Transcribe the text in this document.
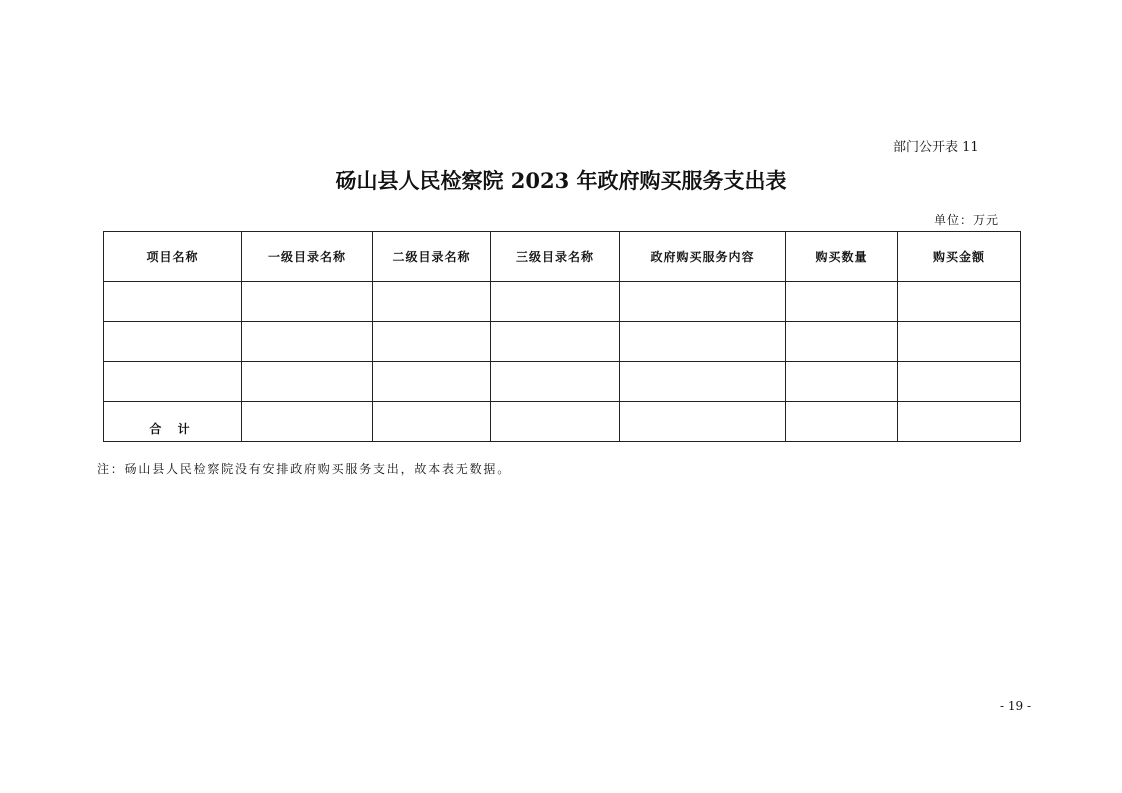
部门公开表 11
砀山县人民检察院 2023 年政府购买服务支出表
单位：万元
项目名称	一级目录名称	二级目录名称	三级目录名称	政府购买服务内容	购买数量	购买金额

合 计						
注：砀山县人民检察院没有安排政府购买服务支出，故本表无数据。
- 19 -
